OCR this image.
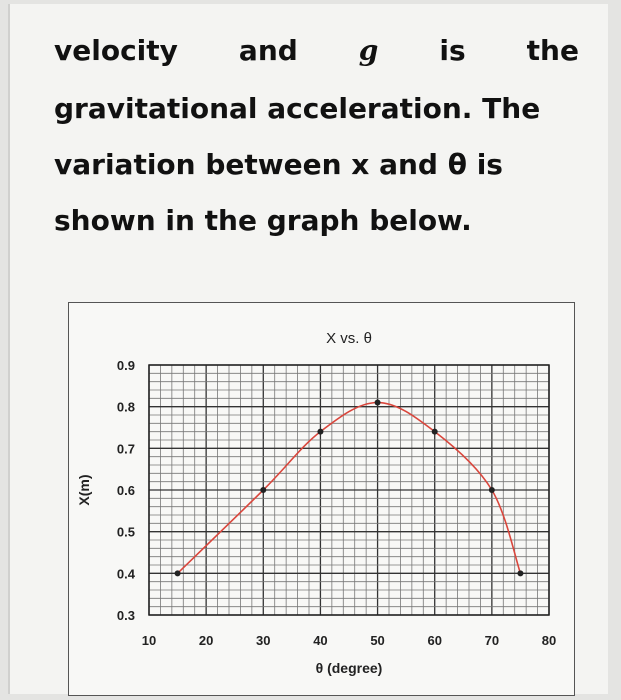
velocity and g is the
gravitational acceleration. The
variation between x and θ is
shown in the graph below.
X vs. θ
10	20	30	40	50	60	70	80
0.9
0.8
0.7
0.6
0.5
0.4
0.3
θ (degree)
X(m)
